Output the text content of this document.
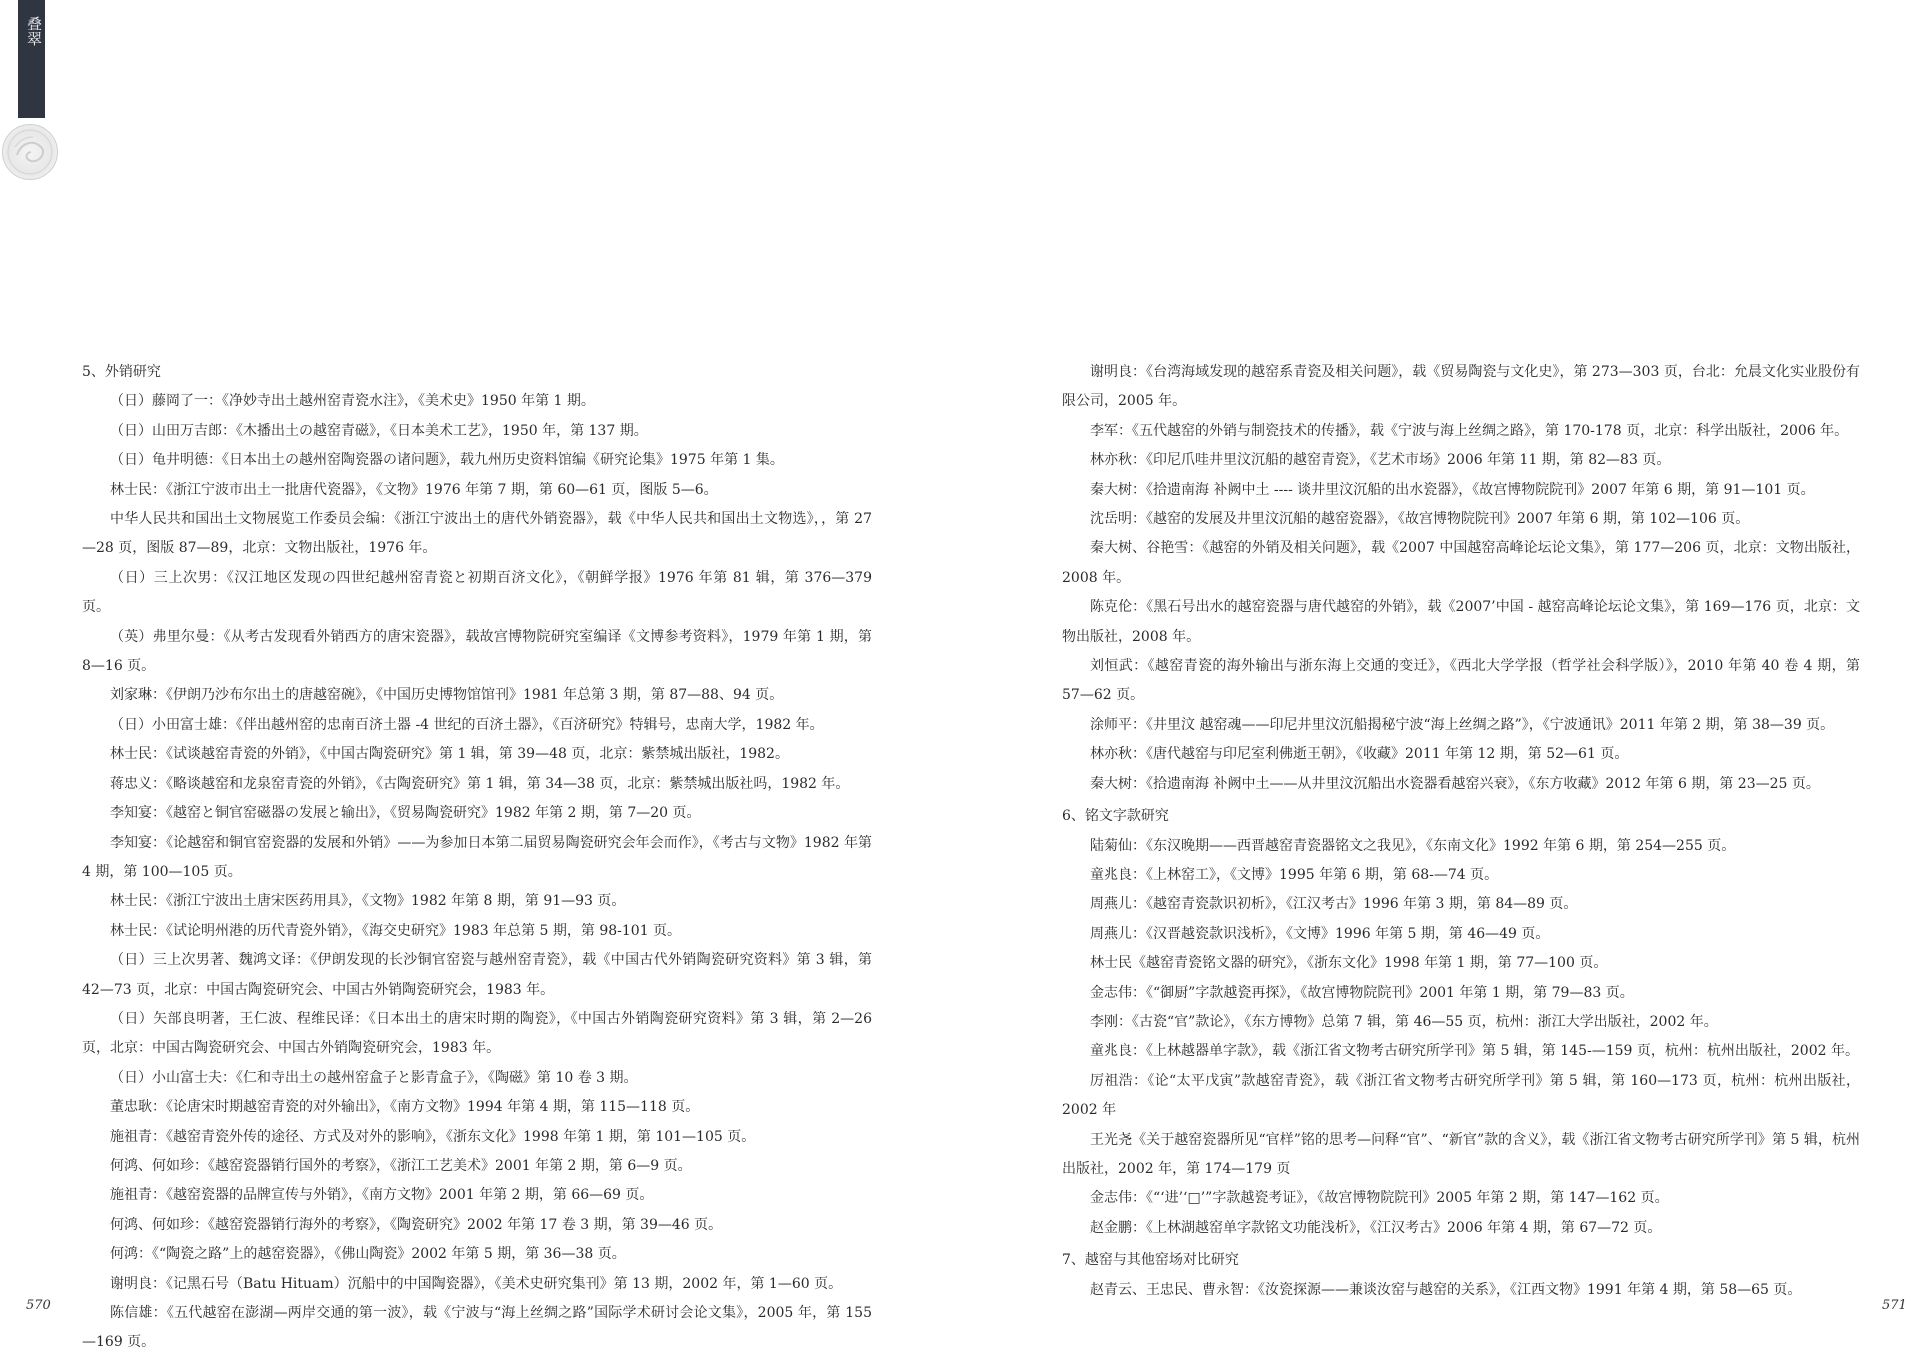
叠翠

5、外销研究

（日）藤岡了一：《净妙寺出土越州窑青瓷水注》，《美术史》1950 年第 1 期。

（日）山田万吉郎：《木播出土の越窑青磁》，《日本美术工艺》，1950 年，第 137 期。

（日）龟井明德：《日本出土の越州窑陶瓷器の诸问题》，载九州历史资料馆编《研究论集》1975 年第 1 集。

林士民：《浙江宁波市出土一批唐代瓷器》，《文物》1976 年第 7 期，第 60—61 页，图版 5—6。

中华人民共和国出土文物展览工作委员会编：《浙江宁波出土的唐代外销瓷器》，载《中华人民共和国出土文物选》，，第 27—28 页，图版 87—89，北京：文物出版社，1976 年。

（日）三上次男：《汉江地区发现の四世纪越州窑青瓷と初期百济文化》，《朝鲜学报》1976 年第 81 辑，第 376—379 页。

（英）弗里尔曼：《从考古发现看外销西方的唐宋瓷器》，载故宫博物院研究室编译《文博参考资料》，1979 年第 1 期，第 8—16 页。

刘家琳：《伊朗乃沙布尔出土的唐越窑碗》，《中国历史博物馆馆刊》1981 年总第 3 期，第 87—88、94 页。

（日）小田富士雄：《伴出越州窑的忠南百济土器 -4 世纪的百济土器》，《百济研究》特辑号，忠南大学，1982 年。

林士民：《试谈越窑青瓷的外销》，《中国古陶瓷研究》第 1 辑，第 39—48 页，北京：紫禁城出版社，1982。

蒋忠义：《略谈越窑和龙泉窑青瓷的外销》，《古陶瓷研究》第 1 辑，第 34—38 页，北京：紫禁城出版社吗，1982 年。

李知宴：《越窑と铜官窑磁器の发展と输出》，《贸易陶瓷研究》1982 年第 2 期，第 7—20 页。

李知宴：《论越窑和铜官窑瓷器的发展和外销》——为参加日本第二届贸易陶瓷研究会年会而作》，《考古与文物》1982 年第 4 期，第 100—105 页。

林士民：《浙江宁波出土唐宋医药用具》，《文物》1982 年第 8 期，第 91—93 页。

林士民：《试论明州港的历代青瓷外销》，《海交史研究》1983 年总第 5 期，第 98-101 页。

（日）三上次男著、魏鸿文译：《伊朗发现的长沙铜官窑瓷与越州窑青瓷》，载《中国古代外销陶瓷研究资料》第 3 辑，第 42—73 页，北京：中国古陶瓷研究会、中国古外销陶瓷研究会，1983 年。

（日）矢部良明著，王仁波、程维民译：《日本出土的唐宋时期的陶瓷》，《中国古外销陶瓷研究资料》第 3 辑，第 2—26 页，北京：中国古陶瓷研究会、中国古外销陶瓷研究会，1983 年。

（日）小山富士夫：《仁和寺出土の越州窑盒子と影青盒子》，《陶磁》第 10 卷 3 期。

董忠耿：《论唐宋时期越窑青瓷的对外输出》，《南方文物》1994 年第 4 期，第 115—118 页。

施祖青：《越窑青瓷外传的途径、方式及对外的影响》，《浙东文化》1998 年第 1 期，第 101—105 页。

何鸿、何如珍：《越窑瓷器销行国外的考察》，《浙江工艺美术》2001 年第 2 期，第 6—9 页。

施祖青：《越窑瓷器的品牌宣传与外销》，《南方文物》2001 年第 2 期，第 66—69 页。

何鸿、何如珍：《越窑瓷器销行海外的考察》，《陶瓷研究》2002 年第 17 卷 3 期，第 39—46 页。

何鸿：《“陶瓷之路”上的越窑瓷器》，《佛山陶瓷》2002 年第 5 期，第 36—38 页。

谢明良：《记黑石号（Batu Hituam）沉船中的中国陶瓷器》，《美术史研究集刊》第 13 期，2002 年，第 1—60 页。

陈信雄：《五代越窑在澎湖—两岸交通的第一波》，载《宁波与“海上丝绸之路”国际学术研讨会论文集》，2005 年，第 155—169 页。

谢明良：《台湾海域发现的越窑系青瓷及相关问题》，载《贸易陶瓷与文化史》，第 273—303 页，台北：允晨文化实业股份有限公司，2005 年。

李军：《五代越窑的外销与制瓷技术的传播》，载《宁波与海上丝绸之路》，第 170-178 页，北京：科学出版社，2006 年。

林亦秋：《印尼爪哇井里汶沉船的越窑青瓷》，《艺术市场》2006 年第 11 期，第 82—83 页。

秦大树：《拾遗南海 补阙中土 ---- 谈井里汶沉船的出水瓷器》，《故宫博物院院刊》2007 年第 6 期，第 91—101 页。

沈岳明：《越窑的发展及井里汶沉船的越窑瓷器》，《故宫博物院院刊》2007 年第 6 期，第 102—106 页。

秦大树、谷艳雪：《越窑的外销及相关问题》，载《2007 中国越窑高峰论坛论文集》，第 177—206 页，北京：文物出版社，2008 年。

陈克伦：《黑石号出水的越窑瓷器与唐代越窑的外销》，载《2007’中国 - 越窑高峰论坛论文集》，第 169—176 页，北京：文物出版社，2008 年。

刘恒武：《越窑青瓷的海外输出与浙东海上交通的变迁》，《西北大学学报（哲学社会科学版）》，2010 年第 40 卷 4 期，第 57—62 页。

涂师平：《井里汶 越窑魂——印尼井里汶沉船揭秘宁波“海上丝绸之路”》，《宁波通讯》2011 年第 2 期，第 38—39 页。

林亦秋：《唐代越窑与印尼室利佛逝王朝》，《收藏》2011 年第 12 期，第 52—61 页。

秦大树：《拾遗南海 补阙中土——从井里汶沉船出水瓷器看越窑兴衰》，《东方收藏》2012 年第 6 期，第 23—25 页。

6、铭文字款研究

陆菊仙：《东汉晚期——西晋越窑青瓷器铭文之我见》，《东南文化》1992 年第 6 期，第 254—255 页。

童兆良：《上林窑工》，《文博》1995 年第 6 期，第 68-—74 页。

周燕儿：《越窑青瓷款识初析》，《江汉考古》1996 年第 3 期，第 84—89 页。

周燕儿：《汉晋越瓷款识浅析》，《文博》1996 年第 5 期，第 46—49 页。

林士民《越窑青瓷铭文器的研究》，《浙东文化》1998 年第 1 期，第 77—100 页。

金志伟：《“御厨”字款越瓷再探》，《故宫博物院院刊》2001 年第 1 期，第 79—83 页。

李刚：《古瓷“官”款论》，《东方博物》总第 7 辑，第 46—55 页，杭州：浙江大学出版社，2002 年。

童兆良：《上林越器单字款》，载《浙江省文物考古研究所学刊》第 5 辑，第 145-—159 页，杭州：杭州出版社，2002 年。

厉祖浩：《论“太平戊寅”款越窑青瓷》，载《浙江省文物考古研究所学刊》第 5 辑，第 160—173 页，杭州：杭州出版社，2002 年

王光尧《关于越窑瓷器所见“官样”铭的思考—问释“官”、“新官”款的含义》，载《浙江省文物考古研究所学刊》第 5 辑，杭州出版社，2002 年，第 174—179 页

金志伟：《“‘进’‘□’”字款越瓷考证》，《故宫博物院院刊》2005 年第 2 期，第 147—162 页。

赵金鹏：《上林湖越窑单字款铭文功能浅析》，《江汉考古》2006 年第 4 期，第 67—72 页。

7、越窑与其他窑场对比研究

赵青云、王忠民、曹永智：《汝瓷探源——兼谈汝窑与越窑的关系》，《江西文物》1991 年第 4 期，第 58—65 页。

570	571
